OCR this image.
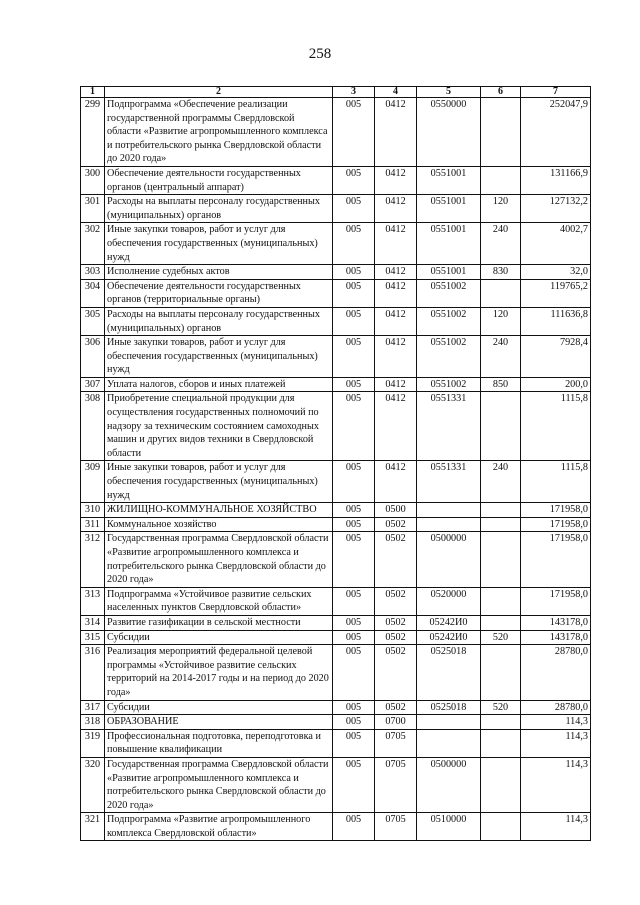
258
1	2	3	4	5	6	7
299	Подпрограмма «Обеспечение реализации государственной программы Свердловской области «Развитие агропромышленного комплекса и потребительского рынка Свердловской области до 2020 года»	005	0412	0550000		252047,9
300	Обеспечение деятельности государственных органов (центральный аппарат)	005	0412	0551001		131166,9
301	Расходы на выплаты персоналу государственных (муниципальных) органов	005	0412	0551001	120	127132,2
302	Иные закупки товаров, работ и услуг для обеспечения государственных (муниципальных) нужд	005	0412	0551001	240	4002,7
303	Исполнение судебных актов	005	0412	0551001	830	32,0
304	Обеспечение деятельности государственных органов (территориальные органы)	005	0412	0551002		119765,2
305	Расходы на выплаты персоналу государственных (муниципальных) органов	005	0412	0551002	120	111636,8
306	Иные закупки товаров, работ и услуг для обеспечения государственных (муниципальных) нужд	005	0412	0551002	240	7928,4
307	Уплата налогов, сборов и иных платежей	005	0412	0551002	850	200,0
308	Приобретение специальной продукции для осуществления государственных полномочий по надзору за техническим состоянием самоходных машин и других видов техники в Свердловской области	005	0412	0551331		1115,8
309	Иные закупки товаров, работ и услуг для обеспечения государственных (муниципальных) нужд	005	0412	0551331	240	1115,8
310	ЖИЛИЩНО-КОММУНАЛЬНОЕ ХОЗЯЙСТВО	005	0500			171958,0
311	Коммунальное хозяйство	005	0502			171958,0
312	Государственная программа Свердловской области «Развитие агропромышленного комплекса и потребительского рынка Свердловской области до 2020 года»	005	0502	0500000		171958,0
313	Подпрограмма «Устойчивое развитие сельских населенных пунктов Свердловской области»	005	0502	0520000		171958,0
314	Развитие газификации в сельской местности	005	0502	05242И0		143178,0
315	Субсидии	005	0502	05242И0	520	143178,0
316	Реализация мероприятий федеральной целевой программы «Устойчивое развитие сельских территорий на 2014-2017 годы и на период до 2020 года»	005	0502	0525018		28780,0
317	Субсидии	005	0502	0525018	520	28780,0
318	ОБРАЗОВАНИЕ	005	0700			114,3
319	Профессиональная подготовка, переподготовка и повышение квалификации	005	0705			114,3
320	Государственная программа Свердловской области «Развитие агропромышленного комплекса и потребительского рынка Свердловской области до 2020 года»	005	0705	0500000		114,3
321	Подпрограмма «Развитие агропромышленного комплекса Свердловской области»	005	0705	0510000		114,3
